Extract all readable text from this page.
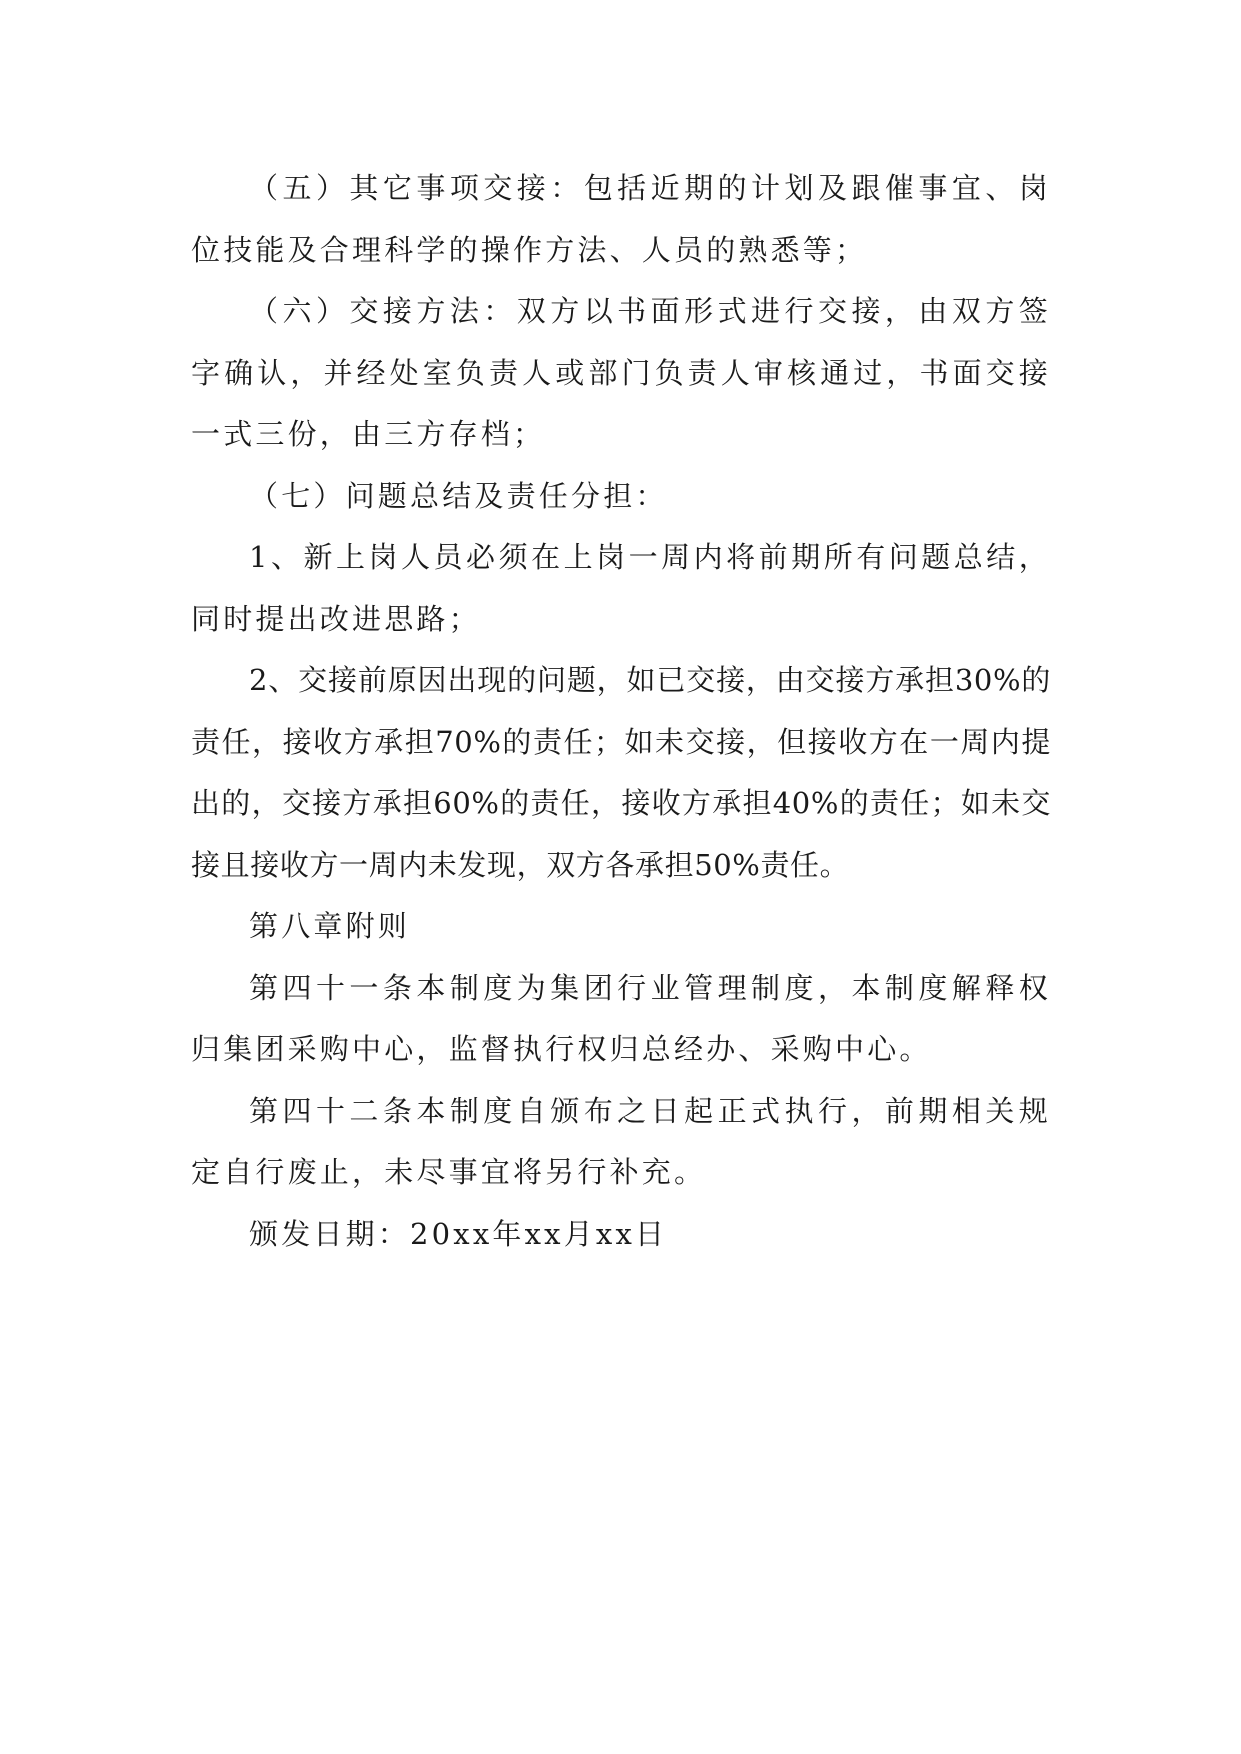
（五）其它事项交接：包括近期的计划及跟催事宜、岗位技能及合理科学的操作方法、人员的熟悉等；

（六）交接方法：双方以书面形式进行交接，由双方签字确认，并经处室负责人或部门负责人审核通过，书面交接一式三份，由三方存档；

（七）问题总结及责任分担：

1、新上岗人员必须在上岗一周内将前期所有问题总结，同时提出改进思路；

2、交接前原因出现的问题，如已交接，由交接方承担30%的责任，接收方承担70%的责任；如未交接，但接收方在一周内提出的，交接方承担60%的责任，接收方承担40%的责任；如未交接且接收方一周内未发现，双方各承担50%责任。

第八章附则

第四十一条本制度为集团行业管理制度，本制度解释权归集团采购中心，监督执行权归总经办、采购中心。

第四十二条本制度自颁布之日起正式执行，前期相关规定自行废止，未尽事宜将另行补充。

颁发日期：20xx年xx月xx日
